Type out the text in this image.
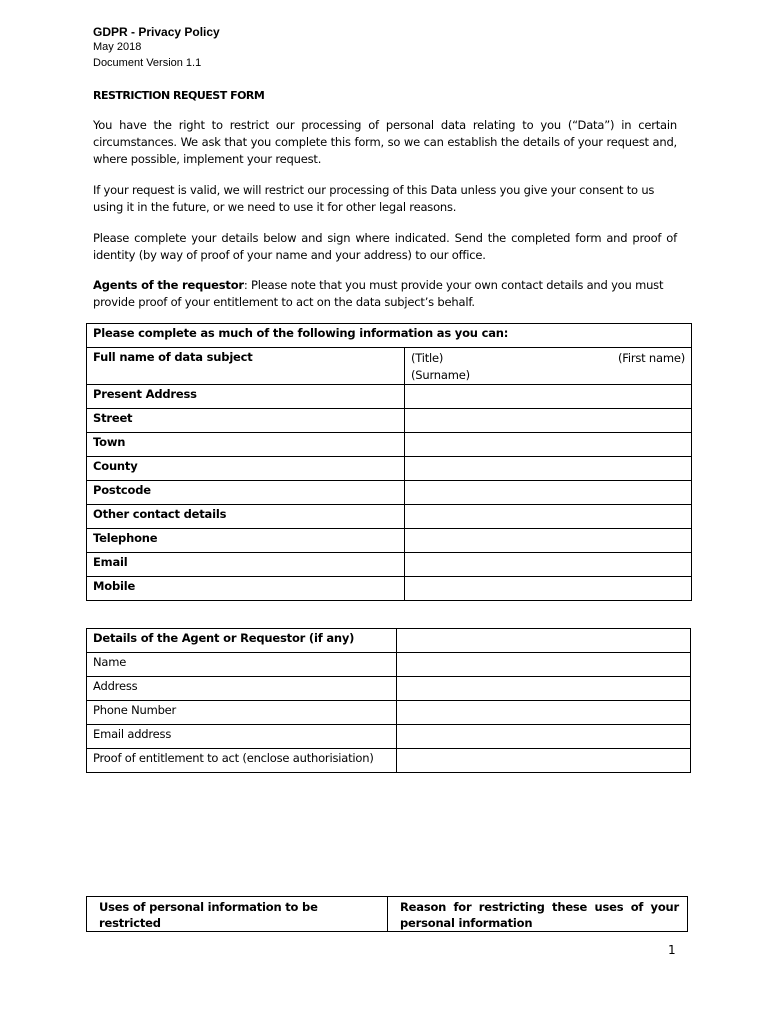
GDPR - Privacy Policy
May 2018
Document Version 1.1
RESTRICTION REQUEST FORM

You have the right to restrict our processing of personal data relating to you (“Data”) in certain circumstances. We ask that you complete this form, so we can establish the details of your request and, where possible, implement your request.

If your request is valid, we will restrict our processing of this Data unless you give your consent to us using it in the future, or we need to use it for other legal reasons.

Please complete your details below and sign where indicated. Send the completed form and proof of identity (by way of proof of your name and your address) to our office.

Agents of the requestor: Please note that you must provide your own contact details and you must provide proof of your entitlement to act on the data subject’s behalf.

Please complete as much of the following information as you can:	
Full name of data subject	(Title) (First name)
(Surname)

Present Address	
Street	
Town	
County	
Postcode	
Other contact details	
Telephone	
Email	
Mobile	
Details of the Agent or Requestor (if any)	
Name	
Address	
Phone Number	
Email address	
Proof of entitlement to act (enclose authorisiation)	
Uses of personal information to be restricted	Reason for restricting these uses of your personal information
1
